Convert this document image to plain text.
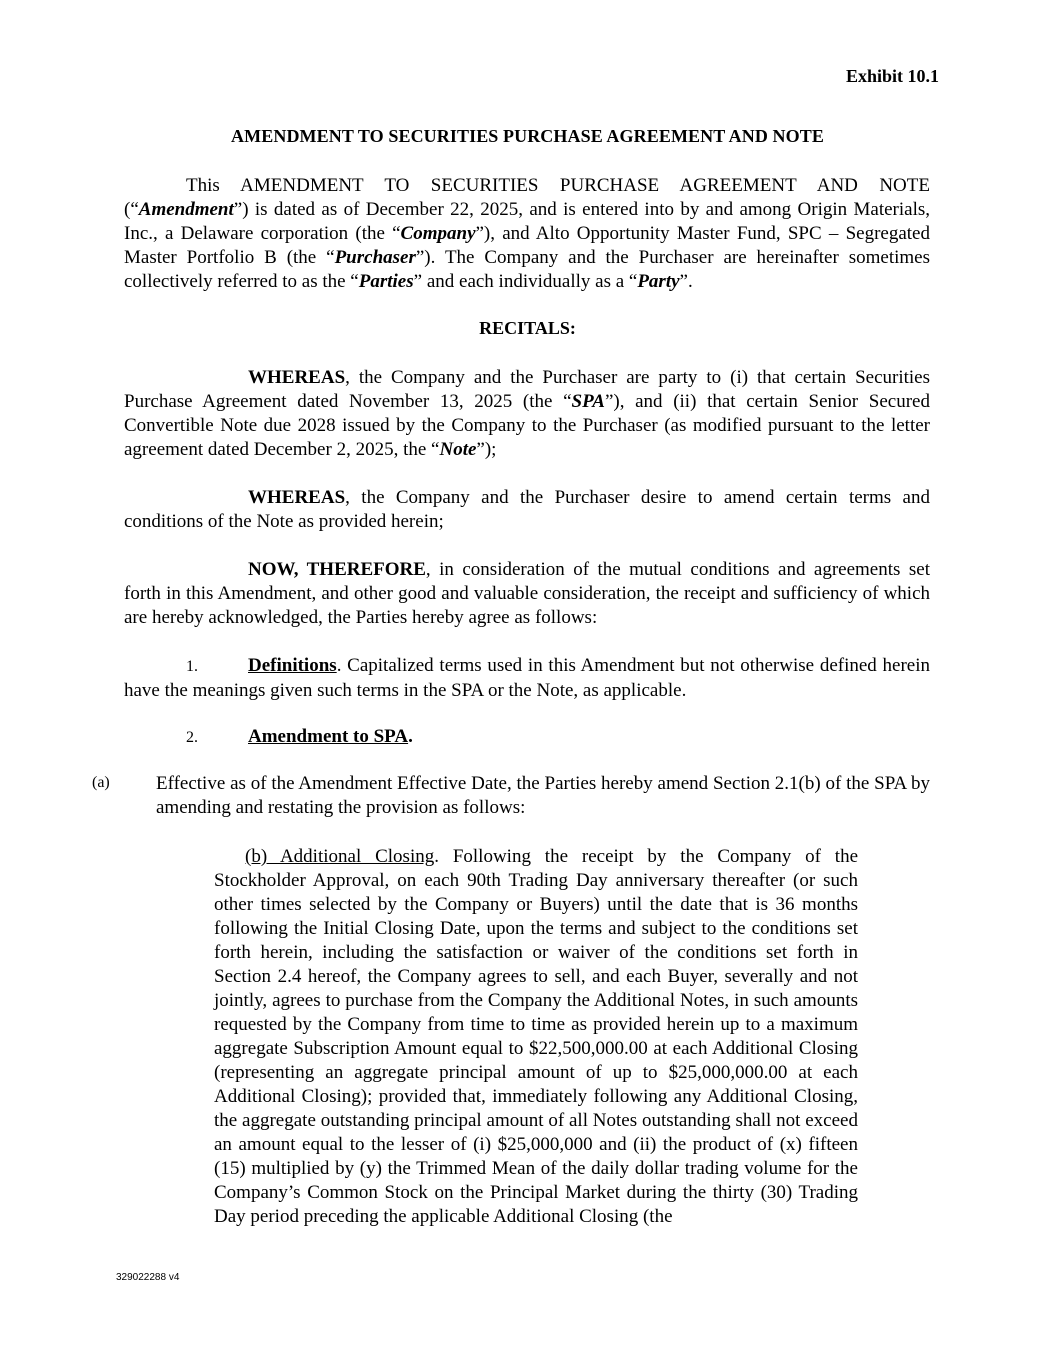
Exhibit 10.1
AMENDMENT TO SECURITIES PURCHASE AGREEMENT AND NOTE
This AMENDMENT TO SECURITIES PURCHASE AGREEMENT AND NOTE (“Amendment”) is dated as of December 22, 2025, and is entered into by and among Origin Materials, Inc., a Delaware corporation (the “Company”), and Alto Opportunity Master Fund, SPC – Segregated Master Portfolio B (the “Purchaser”). The Company and the Purchaser are hereinafter sometimes collectively referred to as the “Parties” and each individually as a “Party”.
RECITALS:
WHEREAS, the Company and the Purchaser are party to (i) that certain Securities Purchase Agreement dated November 13, 2025 (the “SPA”), and (ii) that certain Senior Secured Convertible Note due 2028 issued by the Company to the Purchaser (as modified pursuant to the letter agreement dated December 2, 2025, the “Note”);
WHEREAS, the Company and the Purchaser desire to amend certain terms and conditions of the Note as provided herein;
NOW, THEREFORE, in consideration of the mutual conditions and agreements set forth in this Amendment, and other good and valuable consideration, the receipt and sufficiency of which are hereby acknowledged, the Parties hereby agree as follows:
1.	Definitions. Capitalized terms used in this Amendment but not otherwise defined herein have the meanings given such terms in the SPA or the Note, as applicable.
2.	Amendment to SPA.
(a) Effective as of the Amendment Effective Date, the Parties hereby amend Section 2.1(b) of the SPA by amending and restating the provision as follows:
(b) Additional Closing. Following the receipt by the Company of the Stockholder Approval, on each 90th Trading Day anniversary thereafter (or such other times selected by the Company or Buyers) until the date that is 36 months following the Initial Closing Date, upon the terms and subject to the conditions set forth herein, including the satisfaction or waiver of the conditions set forth in Section 2.4 hereof, the Company agrees to sell, and each Buyer, severally and not jointly, agrees to purchase from the Company the Additional Notes, in such amounts requested by the Company from time to time as provided herein up to a maximum aggregate Subscription Amount equal to $22,500,000.00 at each Additional Closing (representing an aggregate principal amount of up to $25,000,000.00 at each Additional Closing); provided that, immediately following any Additional Closing, the aggregate outstanding principal amount of all Notes outstanding shall not exceed an amount equal to the lesser of (i) $25,000,000 and (ii) the product of (x) fifteen (15) multiplied by (y) the Trimmed Mean of the daily dollar trading volume for the Company’s Common Stock on the Principal Market during the thirty (30) Trading Day period preceding the applicable Additional Closing (the
329022288 v4
